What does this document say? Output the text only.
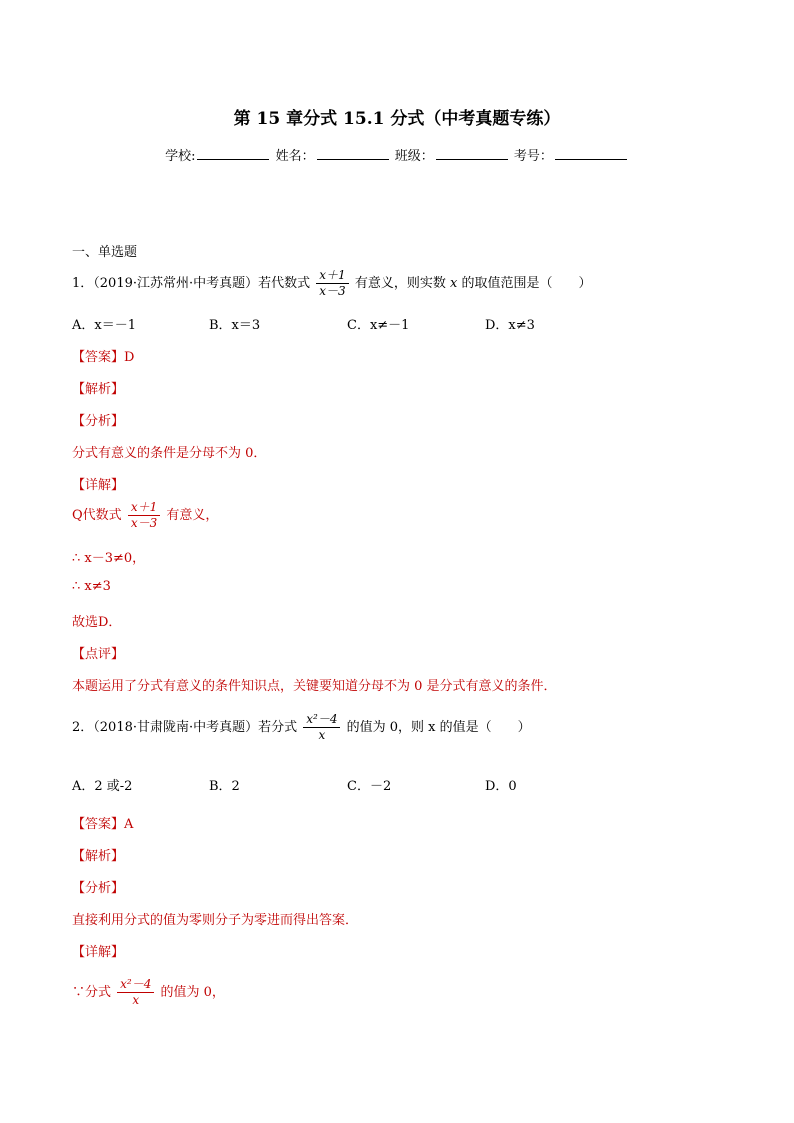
第 15 章分式 15.1 分式（中考真题专练）
学校:	姓名：	班级：	考号：
一、单选题
1．（2019·江苏常州·中考真题）若代数式 $\frac{x+1}{x-3}$ 有意义，则实数 x 的取值范围是（　　）
A．x＝－1	B．x＝3	C．x≠－1	D．x≠3
【答案】D
【解析】
【分析】
分式有意义的条件是分母不为 0．
【详解】
Q代数式 $\frac{x+1}{x-3}$ 有意义，
∴ x－3≠0，
∴ x≠3
故选D．
【点评】
本题运用了分式有意义的条件知识点，关键要知道分母不为 0 是分式有意义的条件．
2．（2018·甘肃陇南·中考真题）若分式 $\frac{\text{x²－4}}{x}$ 的值为 0，则 x 的值是（　　）
A．2 或-2	B．2	C．－2	D．0
【答案】A
【解析】
【分析】
直接利用分式的值为零则分子为零进而得出答案．
【详解】
∵分式 $\frac{\text{x²－4}}{x}$ 的值为 0，
